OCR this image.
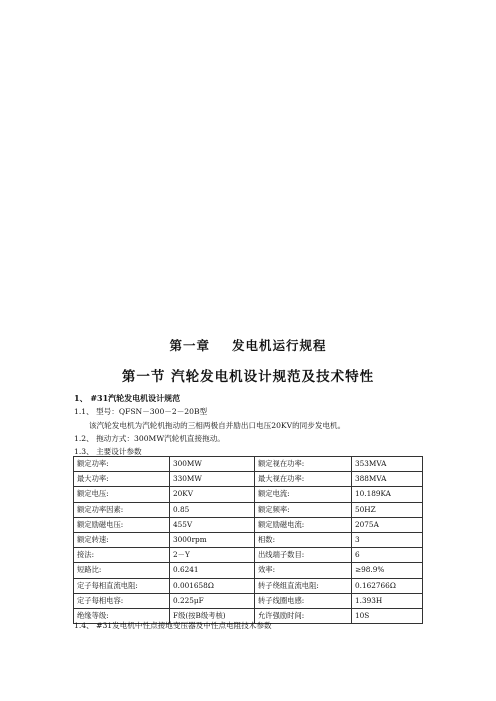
第一章 发电机运行规程
第一节 汽轮发电机设计规范及技术特性
1、 #31汽轮发电机设计规范
1.1、 型号：QFSN－300－2－20B型
该汽轮发电机为汽轮机拖动的三相两极自并励出口电压20KV的同步发电机。
1.2、 拖动方式：300MW汽轮机直接拖动。
1.3、 主要设计参数
额定功率:	300MW	额定视在功率:	353MVA
最大功率:	330MW	最大视在功率:	388MVA
额定电压:	20KV	额定电流:	10.189KA
额定功率因素:	0.85	额定频率:	50HZ
额定励磁电压:	455V	额定励磁电流:	2075A
额定转速:	3000rpm	相数:	3
接法:	2－Y	出线端子数目:	6
短路比:	0.6241	效率:	≥98.9%
定子每相直流电阻:	0.001658Ω	转子绕组直流电阻:	0.162766Ω
定子每相电容:	0.225μF	转子线圈电感:	1.393H
绝缘等级:	F级(按B级考核)	允许强励时间:	10S
1.4、 #31发电机中性点接地变压器及中性点电阻技术参数
